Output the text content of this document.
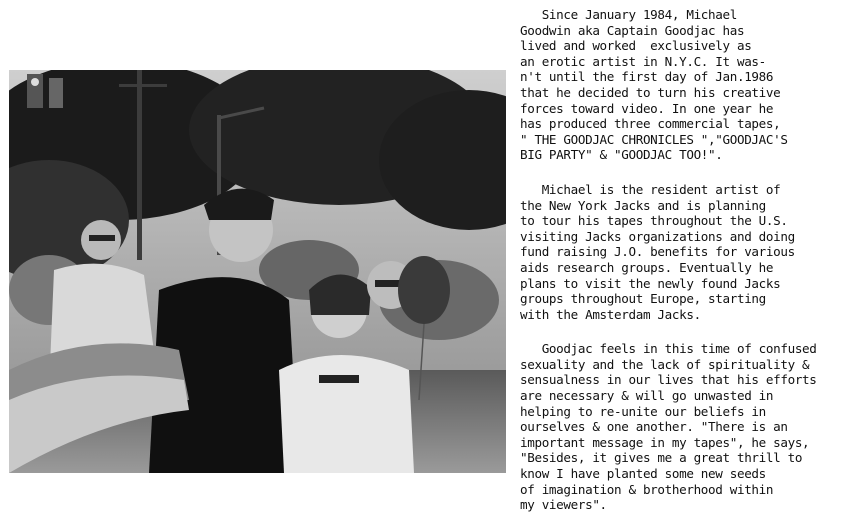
Since January 1984, Michael
Goodwin aka Captain Goodjac has
lived and worked  exclusively as
an erotic artist in N.Y.C. It was-
n't until the first day of Jan.1986
that he decided to turn his creative
forces toward video. In one year he
has produced three commercial tapes,
" THE GOODJAC CHRONICLES ","GOODJAC'S
BIG PARTY" & "GOODJAC TOO!".
Michael is the resident artist of
the New York Jacks and is planning
to tour his tapes throughout the U.S.
visiting Jacks organizations and doing
fund raising J.O. benefits for various
aids research groups. Eventually he
plans to visit the newly found Jacks
groups throughout Europe, starting
with the Amsterdam Jacks.
Goodjac feels in this time of confused
sexuality and the lack of spirituality &
sensualness in our lives that his efforts
are necessary & will go unwasted in
helping to re-unite our beliefs in
ourselves & one another. "There is an
important message in my tapes", he says,
"Besides, it gives me a great thrill to
know I have planted some new seeds
of imagination & brotherhood within
my viewers".
